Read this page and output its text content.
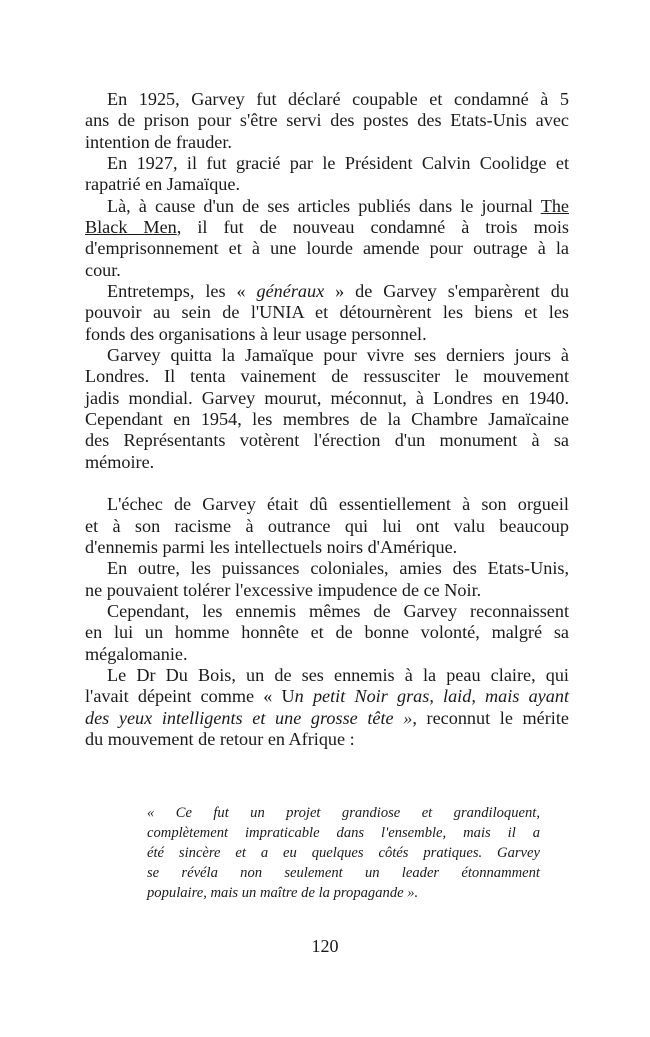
En 1925, Garvey fut déclaré coupable et condamné à 5
ans de prison pour s'être servi des postes des Etats-Unis avec
intention de frauder.
En 1927, il fut gracié par le Président Calvin Coolidge et
rapatrié en Jamaïque.
Là, à cause d'un de ses articles publiés dans le journal The
Black Men, il fut de nouveau condamné à trois mois
d'emprisonnement et à une lourde amende pour outrage à la
cour.
Entretemps, les « généraux » de Garvey s'emparèrent du
pouvoir au sein de l'UNIA et détournèrent les biens et les
fonds des organisations à leur usage personnel.
Garvey quitta la Jamaïque pour vivre ses derniers jours à
Londres. Il tenta vainement de ressusciter le mouvement
jadis mondial. Garvey mourut, méconnut, à Londres en 1940.
Cependant en 1954, les membres de la Chambre Jamaïcaine
des Représentants votèrent l'érection d'un monument à sa
mémoire.
L'échec de Garvey était dû essentiellement à son orgueil
et à son racisme à outrance qui lui ont valu beaucoup
d'ennemis parmi les intellectuels noirs d'Amérique.
En outre, les puissances coloniales, amies des Etats-Unis,
ne pouvaient tolérer l'excessive impudence de ce Noir.
Cependant, les ennemis mêmes de Garvey reconnaissent
en lui un homme honnête et de bonne volonté, malgré sa
mégalomanie.
Le Dr Du Bois, un de ses ennemis à la peau claire, qui
l'avait dépeint comme « Un petit Noir gras, laid, mais ayant
des yeux intelligents et une grosse tête », reconnut le mérite
du mouvement de retour en Afrique :
« Ce fut un projet grandiose et grandiloquent,
complètement impraticable dans l'ensemble, mais il a
été sincère et a eu quelques côtés pratiques. Garvey
se révéla non seulement un leader étonnamment
populaire, mais un maître de la propagande ».
120
